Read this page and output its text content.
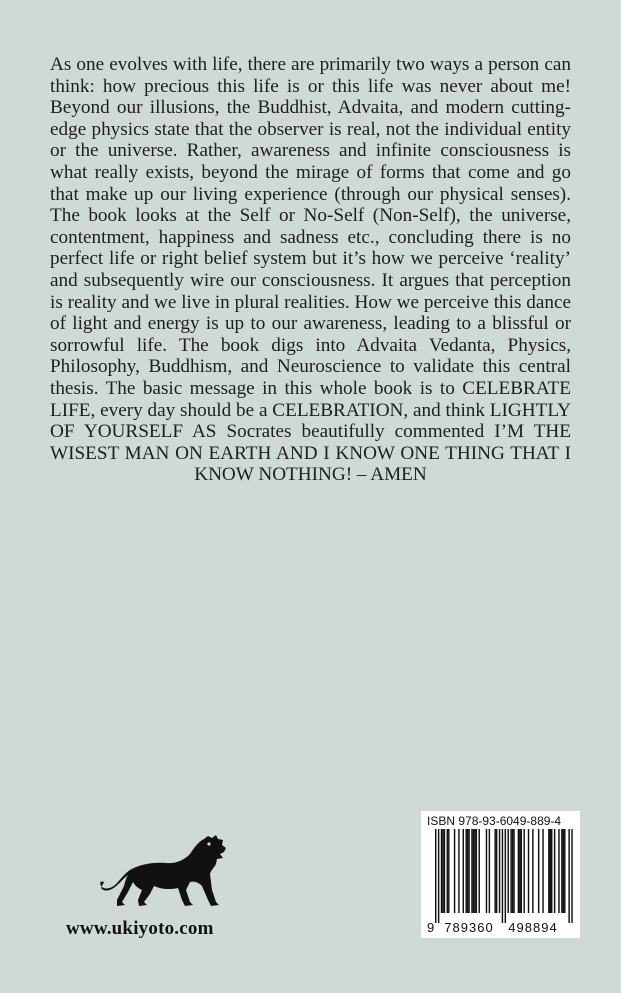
As one evolves with life, there are primarily two ways a person can think: how precious this life is or this life was never about me! Beyond our illusions, the Buddhist, Advaita, and modern cutting-edge physics state that the observer is real, not the individual entity or the universe. Rather, awareness and infinite consciousness is what really exists, beyond the mirage of forms that come and go that make up our living experience (through our physical senses). The book looks at the Self or No-Self (Non-Self), the universe, contentment, happiness and sadness etc., concluding there is no perfect life or right belief system but it’s how we perceive ‘reality’ and subsequently wire our consciousness. It argues that perception is reality and we live in plural realities. How we perceive this dance of light and energy is up to our awareness, leading to a blissful or sorrowful life. The book digs into Advaita Vedanta, Physics, Philosophy, Buddhism, and Neuroscience to validate this central thesis. The basic message in this whole book is to CELEBRATE LIFE, every day should be a CELEBRATION, and think LIGHTLY OF YOURSELF AS Socrates beautifully commented I’M THE WISEST MAN ON EARTH AND I KNOW ONE THING THAT I KNOW NOTHING! – AMEN

www.ukiyoto.com
ISBN 978-93-6049-889-4
9 789360 498894
